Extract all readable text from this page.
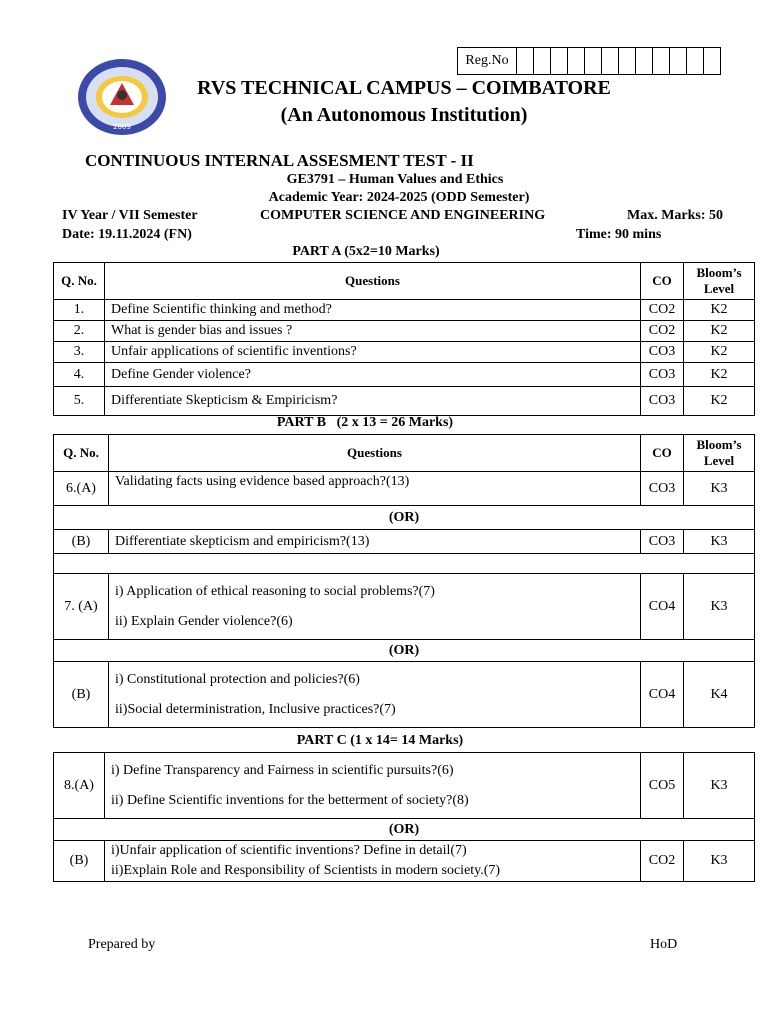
Reg.No												
2009
RVS TECHNICAL CAMPUS – COIMBATORE
(An Autonomous Institution)
CONTINUOUS INTERNAL ASSESMENT TEST - II
GE3791 – Human Values and Ethics
Academic Year: 2024-2025 (ODD Semester)
IV Year / VII Semester	COMPUTER SCIENCE AND ENGINEERING	Max. Marks: 50
Date: 19.11.2024 (FN)	Time: 90 mins
PART A (5x2=10 Marks)
Q. No.	Questions	CO	Bloom’s Level
1.	Define Scientific thinking and method?	CO2	K2
2.	What is gender bias and issues ?	CO2	K2
3.	Unfair applications of scientific inventions?	CO3	K2
4.	Define Gender violence?	CO3	K2
5.	Differentiate Skepticism & Empiricism?	CO3	K2
PART B   (2 x 13 = 26 Marks)
Q. No.	Questions	CO	Bloom’s Level
6.(A)	Validating facts using evidence based approach?(13)	CO3	K3
(OR)			
(B)	Differentiate skepticism and empiricism?(13)	CO3	K3

7. (A)	i) Application of ethical reasoning to social problems?(7)
ii) Explain Gender violence?(6)	CO4	K3
(OR)			
(B)	i) Constitutional protection and policies?(6)
ii)Social deterministration, Inclusive practices?(7)	CO4	K4
PART C (1 x 14= 14 Marks)
8.(A)	i) Define Transparency and Fairness in scientific pursuits?(6)
ii) Define Scientific inventions for the betterment of society?(8)	CO5	K3
(OR)			
(B)	i)Unfair application of scientific inventions? Define in detail(7)
ii)Explain Role and Responsibility of Scientists in modern society.(7)	CO2	K3
Prepared by	HoD
